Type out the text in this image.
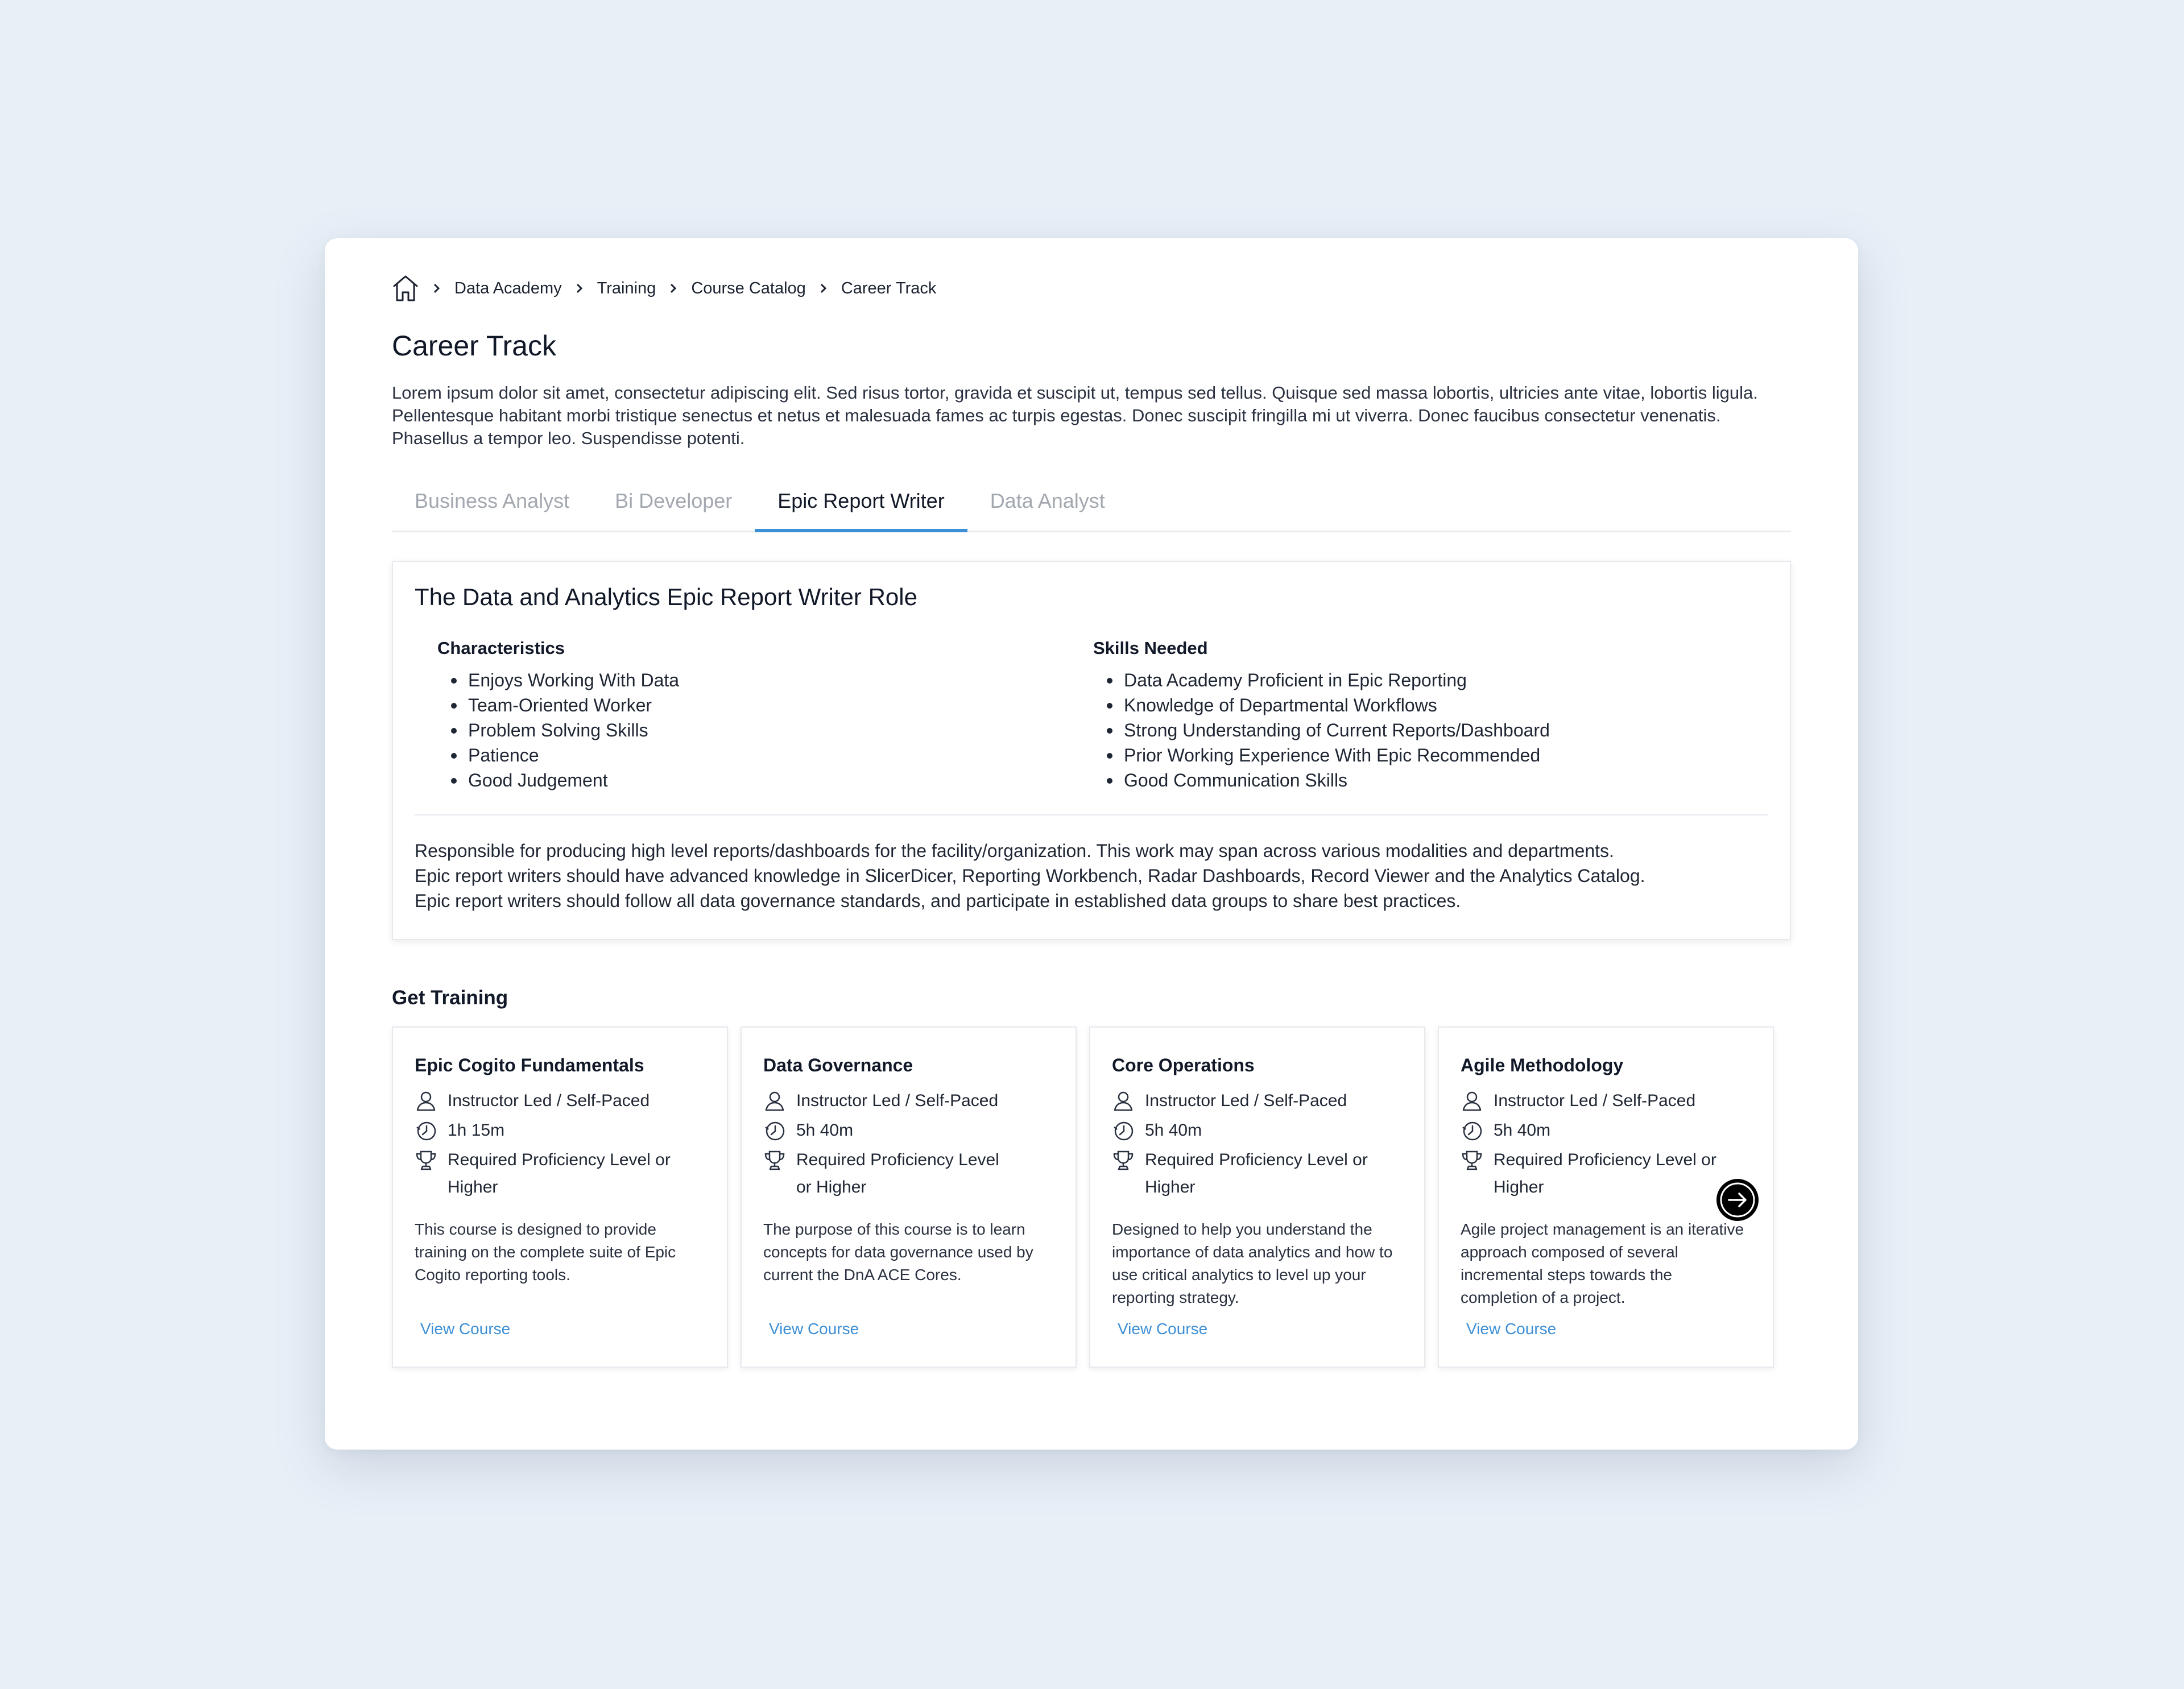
Data Academy Training Course Catalog Career Track
Career Track

Lorem ipsum dolor sit amet, consectetur adipiscing elit. Sed risus tortor, gravida et suscipit ut, tempus sed tellus. Quisque sed massa lobortis, ultricies ante vitae, lobortis ligula. Pellentesque habitant morbi tristique senectus et netus et malesuada fames ac turpis egestas. Donec suscipit fringilla mi ut viverra. Donec faucibus consectetur venenatis. Phasellus a tempor leo. Suspendisse potenti.

Business Analyst	Bi Developer	Epic Report Writer	Data Analyst
The Data and Analytics Epic Report Writer Role
Characteristics
Enjoys Working With Data
Team-Oriented Worker
Problem Solving Skills
Patience
Good Judgement
Skills Needed
Data Academy Proficient in Epic Reporting
Knowledge of Departmental Workflows
Strong Understanding of Current Reports/Dashboard
Prior Working Experience With Epic Recommended
Good Communication Skills
Responsible for producing high level reports/dashboards for the facility/organization. This work may span across various modalities and departments.
Epic report writers should have advanced knowledge in SlicerDicer, Reporting Workbench, Radar Dashboards, Record Viewer and the Analytics Catalog.
Epic report writers should follow all data governance standards, and participate in established data groups to share best practices.
Get Training
Epic Cogito Fundamentals
Instructor Led / Self-Paced
1h 15m
Required Proficiency Level or
Higher

This course is designed to provide training on the complete suite of Epic Cogito reporting tools.

View Course
Data Governance
Instructor Led / Self-Paced
5h 40m
Required Proficiency Level
or Higher

The purpose of this course is to learn concepts for data governance used by current the DnA ACE Cores.

View Course
Core Operations
Instructor Led / Self-Paced
5h 40m
Required Proficiency Level or
Higher

Designed to help you understand the importance of data analytics and how to use critical analytics to level up your reporting strategy.

View Course
Agile Methodology
Instructor Led / Self-Paced
5h 40m
Required Proficiency Level or
Higher

Agile project management is an iterative approach composed of several incremental steps towards the completion of a project.

View Course
